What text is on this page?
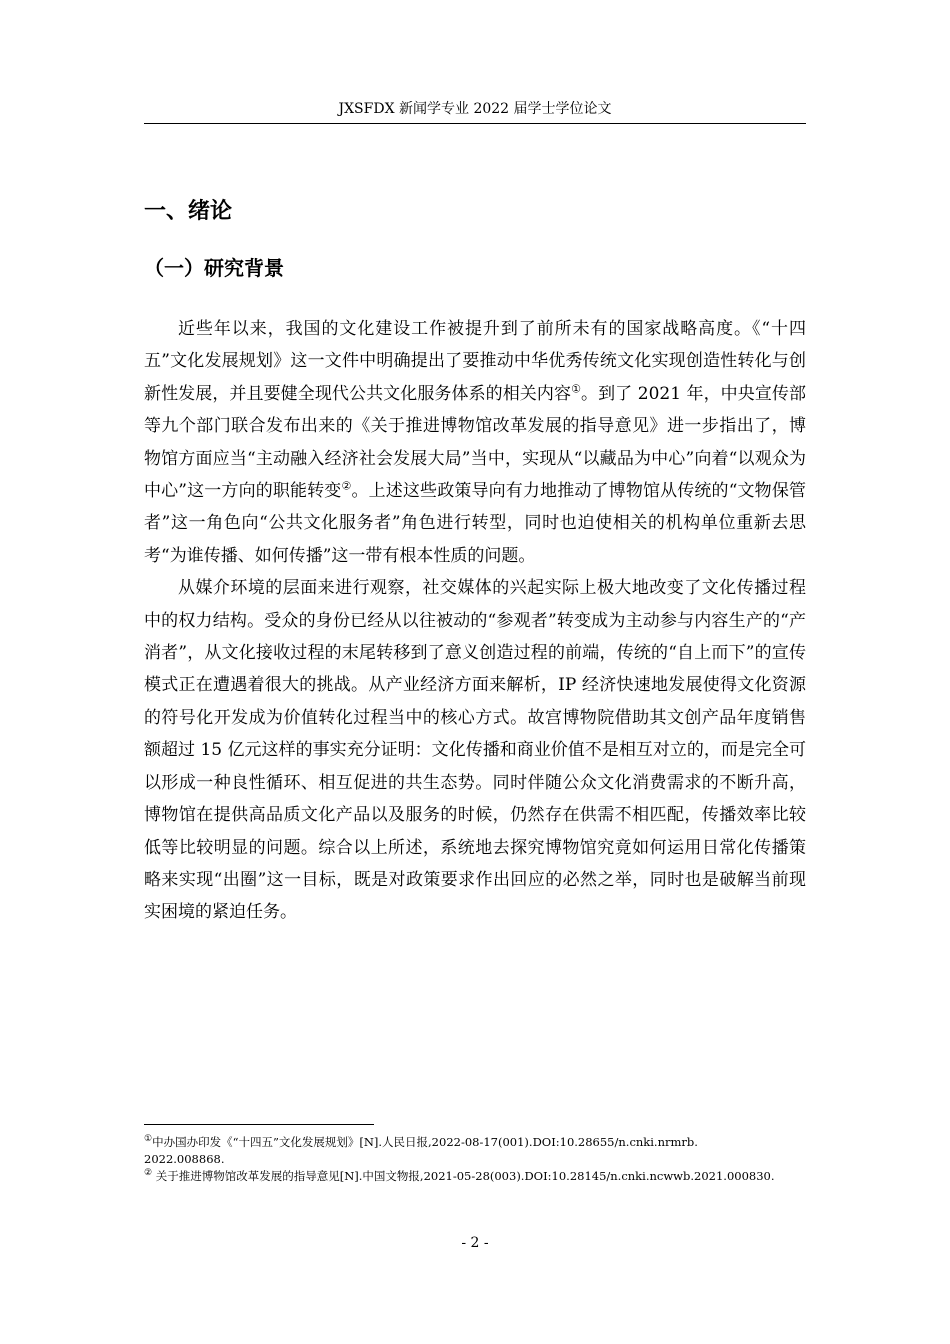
JXSFDX 新闻学专业 2022 届学士学位论文
一、绪论
（一）研究背景

近些年以来，我国的文化建设工作被提升到了前所未有的国家战略高度。《“十四五”文化发展规划》这一文件中明确提出了要推动中华优秀传统文化实现创造性转化与创新性发展，并且要健全现代公共文化服务体系的相关内容①。到了 2021 年，中央宣传部等九个部门联合发布出来的《关于推进博物馆改革发展的指导意见》进一步指出了，博物馆方面应当“主动融入经济社会发展大局”当中，实现从“以藏品为中心”向着“以观众为中心”这一方向的职能转变②。上述这些政策导向有力地推动了博物馆从传统的“文物保管者”这一角色向“公共文化服务者”角色进行转型，同时也迫使相关的机构单位重新去思考“为谁传播、如何传播”这一带有根本性质的问题。

从媒介环境的层面来进行观察，社交媒体的兴起实际上极大地改变了文化传播过程中的权力结构。受众的身份已经从以往被动的“参观者”转变成为主动参与内容生产的“产消者”，从文化接收过程的末尾转移到了意义创造过程的前端，传统的“自上而下”的宣传模式正在遭遇着很大的挑战。从产业经济方面来解析，IP 经济快速地发展使得文化资源的符号化开发成为价值转化过程当中的核心方式。故宫博物院借助其文创产品年度销售额超过 15 亿元这样的事实充分证明：文化传播和商业价值不是相互对立的，而是完全可以形成一种良性循环、相互促进的共生态势。同时伴随公众文化消费需求的不断升高，博物馆在提供高品质文化产品以及服务的时候，仍然存在供需不相匹配，传播效率比较低等比较明显的问题。综合以上所述，系统地去探究博物馆究竟如何运用日常化传播策略来实现“出圈”这一目标，既是对政策要求作出回应的必然之举，同时也是破解当前现实困境的紧迫任务。

①中办国办印发《“十四五”文化发展规划》[N].人民日报,2022-08-17(001).DOI:10.28655/n.cnki.nrmrb.

2022.008868.

② 关于推进博物馆改革发展的指导意见[N].中国文物报,2021-05-28(003).DOI:10.28145/n.cnki.ncwwb.2021.000830.

- 2 -
